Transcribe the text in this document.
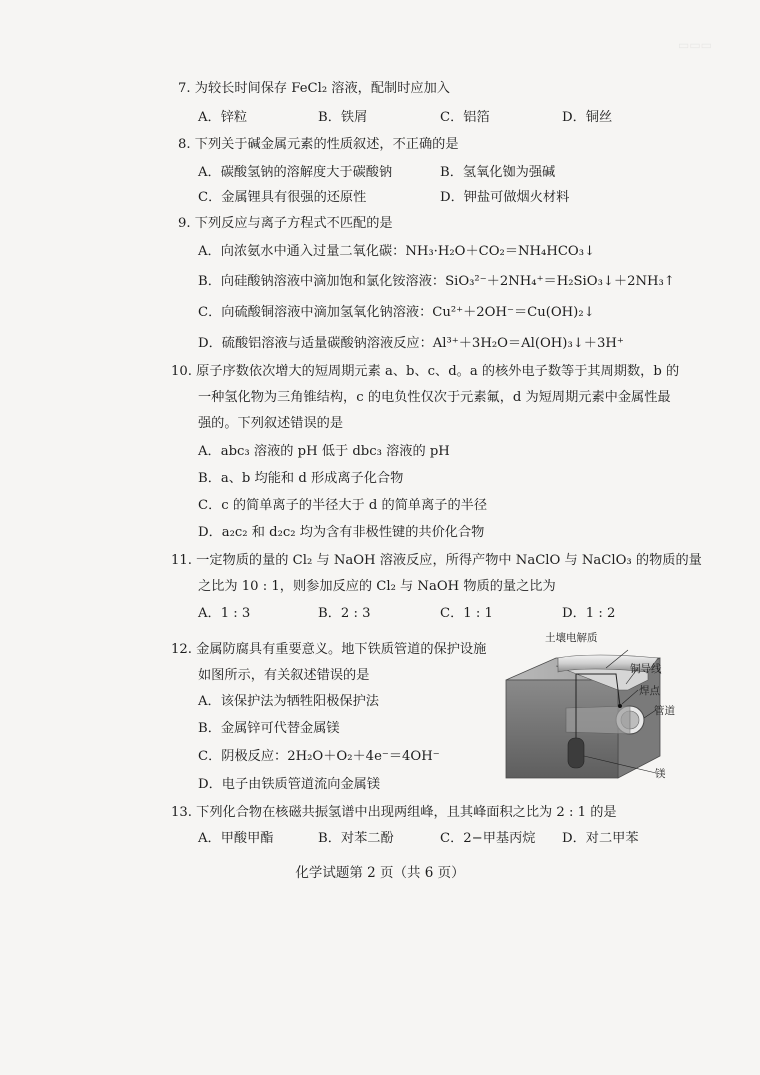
▭▭▭
7. 为较长时间保存 FeCl₂ 溶液，配制时应加入
A．锌粒	B．铁屑	C．铝箔	D．铜丝
8. 下列关于碱金属元素的性质叙述，不正确的是
A．碳酸氢钠的溶解度大于碳酸钠	B．氢氧化铷为强碱
C．金属锂具有很强的还原性	D．钾盐可做烟火材料
9. 下列反应与离子方程式不匹配的是
A．向浓氨水中通入过量二氧化碳：NH₃·H₂O＋CO₂＝NH₄HCO₃↓
B．向硅酸钠溶液中滴加饱和氯化铵溶液：SiO₃²⁻＋2NH₄⁺＝H₂SiO₃↓＋2NH₃↑
C．向硫酸铜溶液中滴加氢氧化钠溶液：Cu²⁺＋2OH⁻＝Cu(OH)₂↓
D．硫酸铝溶液与适量碳酸钠溶液反应：Al³⁺＋3H₂O＝Al(OH)₃↓＋3H⁺
10. 原子序数依次增大的短周期元素 a、b、c、d。a 的核外电子数等于其周期数，b 的
一种氢化物为三角锥结构，c 的电负性仅次于元素氟，d 为短周期元素中金属性最
强的。下列叙述错误的是
A．abc₃ 溶液的 pH 低于 dbc₃ 溶液的 pH
B．a、b 均能和 d 形成离子化合物
C．c 的简单离子的半径大于 d 的简单离子的半径
D．a₂c₂ 和 d₂c₂ 均为含有非极性键的共价化合物
11. 一定物质的量的 Cl₂ 与 NaOH 溶液反应，所得产物中 NaClO 与 NaClO₃ 的物质的量
之比为 10 : 1，则参加反应的 Cl₂ 与 NaOH 物质的量之比为
A．1 : 3	B．2 : 3	C．1 : 1	D．1 : 2
12. 金属防腐具有重要意义。地下铁质管道的保护设施
如图所示，有关叙述错误的是
A．该保护法为牺牲阳极保护法
B．金属锌可代替金属镁
C．阴极反应：2H₂O＋O₂＋4e⁻＝4OH⁻
D．电子由铁质管道流向金属镁
土壤电解质
铜导线
焊点
管道
镁
13. 下列化合物在核磁共振氢谱中出现两组峰，且其峰面积之比为 2 : 1 的是
A．甲酸甲酯	B．对苯二酚	C．2−甲基丙烷 D．对二甲苯
化学试题第 2 页（共 6 页）
